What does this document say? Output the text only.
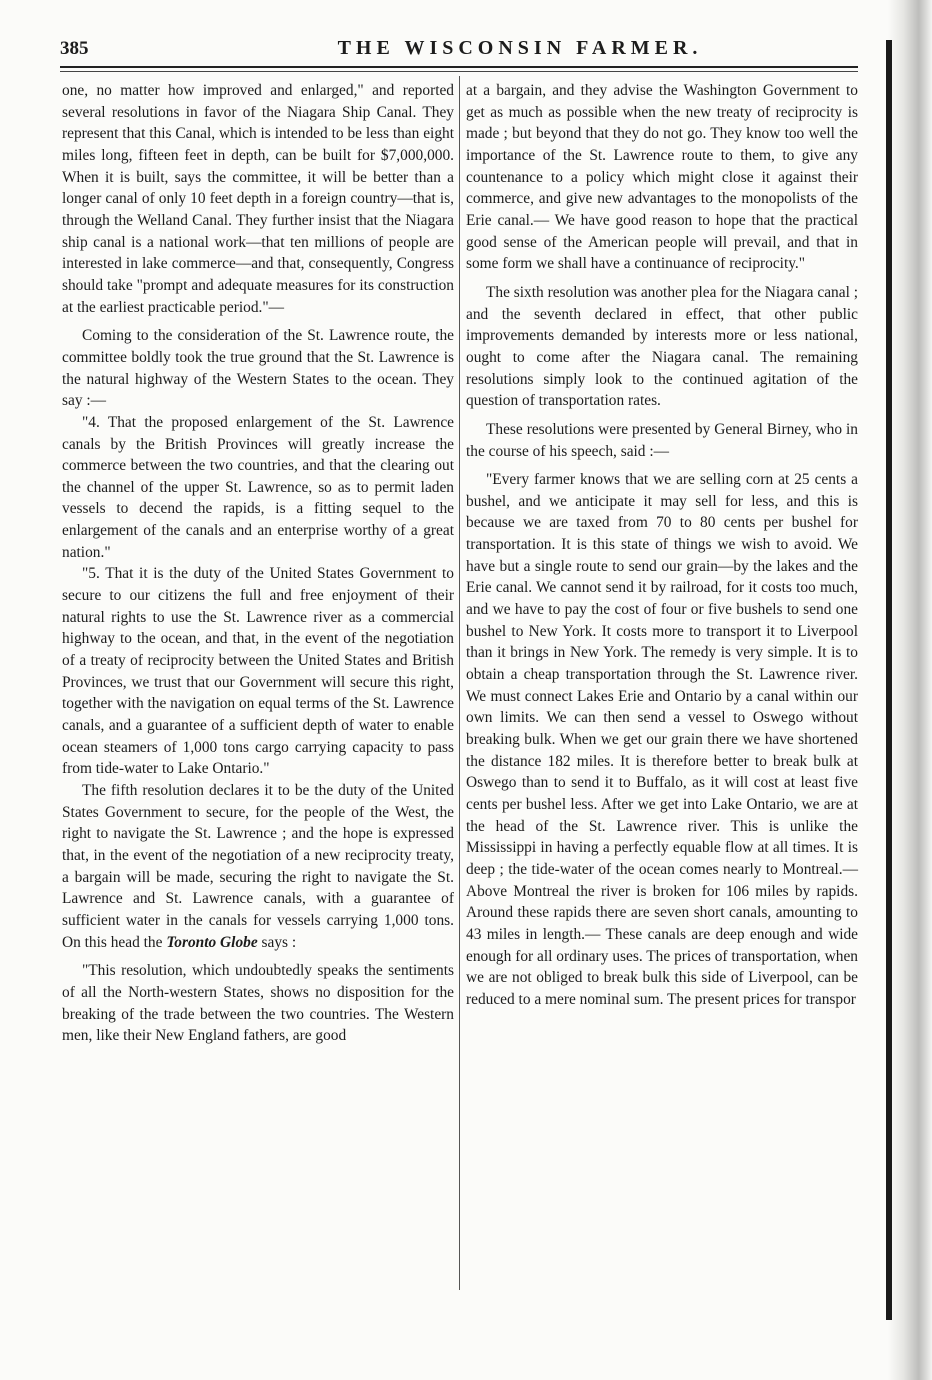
385	THE WISCONSIN FARMER.

one, no matter how improved and enlarged," and reported several resolutions in favor of the Niagara Ship Canal. They represent that this Canal, which is intended to be less than eight miles long, fifteen feet in depth, can be built for $7,000,000. When it is built, says the committee, it will be better than a longer canal of only 10 feet depth in a foreign country—that is, through the Welland Canal. They further insist that the Niagara ship canal is a national work—that ten millions of people are interested in lake commerce—and that, consequently, Congress should take "prompt and adequate measures for its construction at the earliest practicable period."—

Coming to the consideration of the St. Lawrence route, the committee boldly took the true ground that the St. Lawrence is the natural highway of the Western States to the ocean. They say :—

"4. That the proposed enlargement of the St. Lawrence canals by the British Provinces will greatly increase the commerce between the two countries, and that the clearing out the channel of the upper St. Lawrence, so as to permit laden vessels to decend the rapids, is a fitting sequel to the enlargement of the canals and an enterprise worthy of a great nation."

"5. That it is the duty of the United States Government to secure to our citizens the full and free enjoyment of their natural rights to use the St. Lawrence river as a commercial highway to the ocean, and that, in the event of the negotiation of a treaty of reciprocity between the United States and British Provinces, we trust that our Government will secure this right, together with the navigation on equal terms of the St. Lawrence canals, and a guarantee of a sufficient depth of water to enable ocean steamers of 1,000 tons cargo carrying capacity to pass from tide-water to Lake Ontario."

The fifth resolution declares it to be the duty of the United States Government to secure, for the people of the West, the right to navigate the St. Lawrence ; and the hope is expressed that, in the event of the negotiation of a new reciprocity treaty, a bargain will be made, securing the right to navigate the St. Lawrence and St. Lawrence canals, with a guarantee of sufficient water in the canals for vessels carrying 1,000 tons. On this head the Toronto Globe says :

"This resolution, which undoubtedly speaks the sentiments of all the North-western States, shows no disposition for the breaking of the trade between the two countries. The Western men, like their New England fathers, are good

at a bargain, and they advise the Washington Government to get as much as possible when the new treaty of reciprocity is made ; but beyond that they do not go. They know too well the importance of the St. Lawrence route to them, to give any countenance to a policy which might close it against their commerce, and give new advantages to the monopolists of the Erie canal.— We have good reason to hope that the practical good sense of the American people will prevail, and that in some form we shall have a continuance of reciprocity."

The sixth resolution was another plea for the Niagara canal ; and the seventh declared in effect, that other public improvements demanded by interests more or less national, ought to come after the Niagara canal. The remaining resolutions simply look to the continued agitation of the question of transportation rates.

These resolutions were presented by General Birney, who in the course of his speech, said :—

"Every farmer knows that we are selling corn at 25 cents a bushel, and we anticipate it may sell for less, and this is because we are taxed from 70 to 80 cents per bushel for transportation. It is this state of things we wish to avoid. We have but a single route to send our grain—by the lakes and the Erie canal. We cannot send it by railroad, for it costs too much, and we have to pay the cost of four or five bushels to send one bushel to New York. It costs more to transport it to Liverpool than it brings in New York. The remedy is very simple. It is to obtain a cheap transportation through the St. Lawrence river. We must connect Lakes Erie and Ontario by a canal within our own limits. We can then send a vessel to Oswego without breaking bulk. When we get our grain there we have shortened the distance 182 miles. It is therefore better to break bulk at Oswego than to send it to Buffalo, as it will cost at least five cents per bushel less. After we get into Lake Ontario, we are at the head of the St. Lawrence river. This is unlike the Mississippi in having a perfectly equable flow at all times. It is deep ; the tide-water of the ocean comes nearly to Montreal.— Above Montreal the river is broken for 106 miles by rapids. Around these rapids there are seven short canals, amounting to 43 miles in length.— These canals are deep enough and wide enough for all ordinary uses. The prices of transportation, when we are not obliged to break bulk this side of Liverpool, can be reduced to a mere nominal sum. The present prices for transpor
